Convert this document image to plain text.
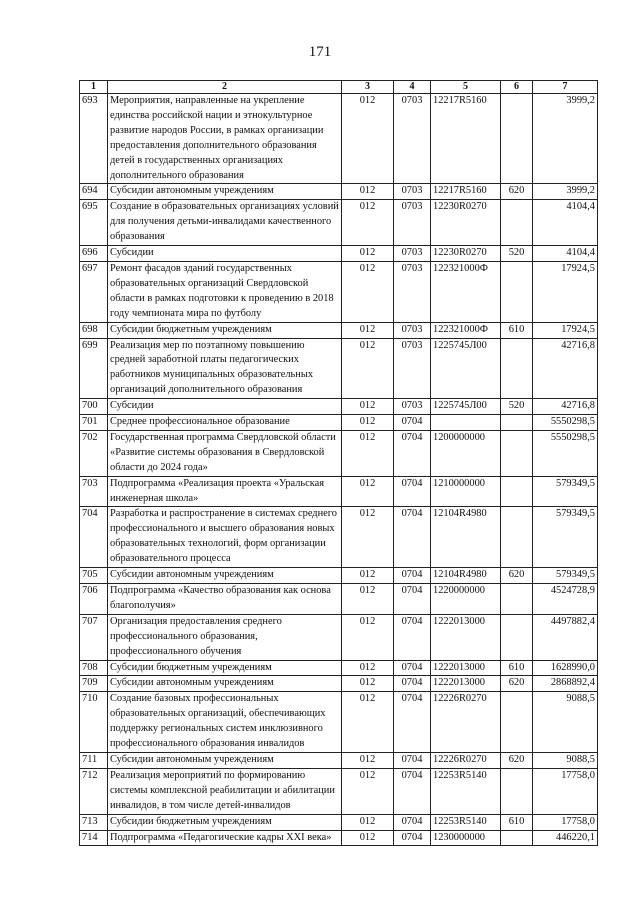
171
1	2	3	4	5	6	7
693	Мероприятия, направленные на укрепление единства российской нации и этнокультурное развитие народов России, в рамках организации предоставления дополнительного образования детей в государственных организациях дополнительного образования	012	0703	12217R5160		3999,2
694	Субсидии автономным учреждениям	012	0703	12217R5160	620	3999,2
695	Создание в образовательных организациях условий для получения детьми-инвалидами качественного образования	012	0703	12230R0270		4104,4
696	Субсидии	012	0703	12230R0270	520	4104,4
697	Ремонт фасадов зданий государственных образовательных организаций Свердловской области в рамках подготовки к проведению в 2018 году чемпионата мира по футболу	012	0703	122321000Ф		17924,5
698	Субсидии бюджетным учреждениям	012	0703	122321000Ф	610	17924,5
699	Реализация мер по поэтапному повышению средней заработной платы педагогических работников муниципальных образовательных организаций дополнительного образования	012	0703	1225745Л00		42716,8
700	Субсидии	012	0703	1225745Л00	520	42716,8
701	Среднее профессиональное образование	012	0704			5550298,5
702	Государственная программа Свердловской области «Развитие системы образования в Свердловской области до 2024 года»	012	0704	1200000000		5550298,5
703	Подпрограмма «Реализация проекта «Уральская инженерная школа»	012	0704	1210000000		579349,5
704	Разработка и распространение в системах среднего профессионального и высшего образования новых образовательных технологий, форм организации образовательного процесса	012	0704	12104R4980		579349,5
705	Субсидии автономным учреждениям	012	0704	12104R4980	620	579349,5
706	Подпрограмма «Качество образования как основа благополучия»	012	0704	1220000000		4524728,9
707	Организация предоставления среднего профессионального образования, профессионального обучения	012	0704	1222013000		4497882,4
708	Субсидии бюджетным учреждениям	012	0704	1222013000	610	1628990,0
709	Субсидии автономным учреждениям	012	0704	1222013000	620	2868892,4
710	Создание базовых профессиональных образовательных организаций, обеспечивающих поддержку региональных систем инклюзивного профессионального образования инвалидов	012	0704	12226R0270		9088,5
711	Субсидии автономным учреждениям	012	0704	12226R0270	620	9088,5
712	Реализация мероприятий по формированию системы комплексной реабилитации и абилитации инвалидов, в том числе детей-инвалидов	012	0704	12253R5140		17758,0
713	Субсидии бюджетным учреждениям	012	0704	12253R5140	610	17758,0
714	Подпрограмма «Педагогические кадры XXI века»	012	0704	1230000000		446220,1
